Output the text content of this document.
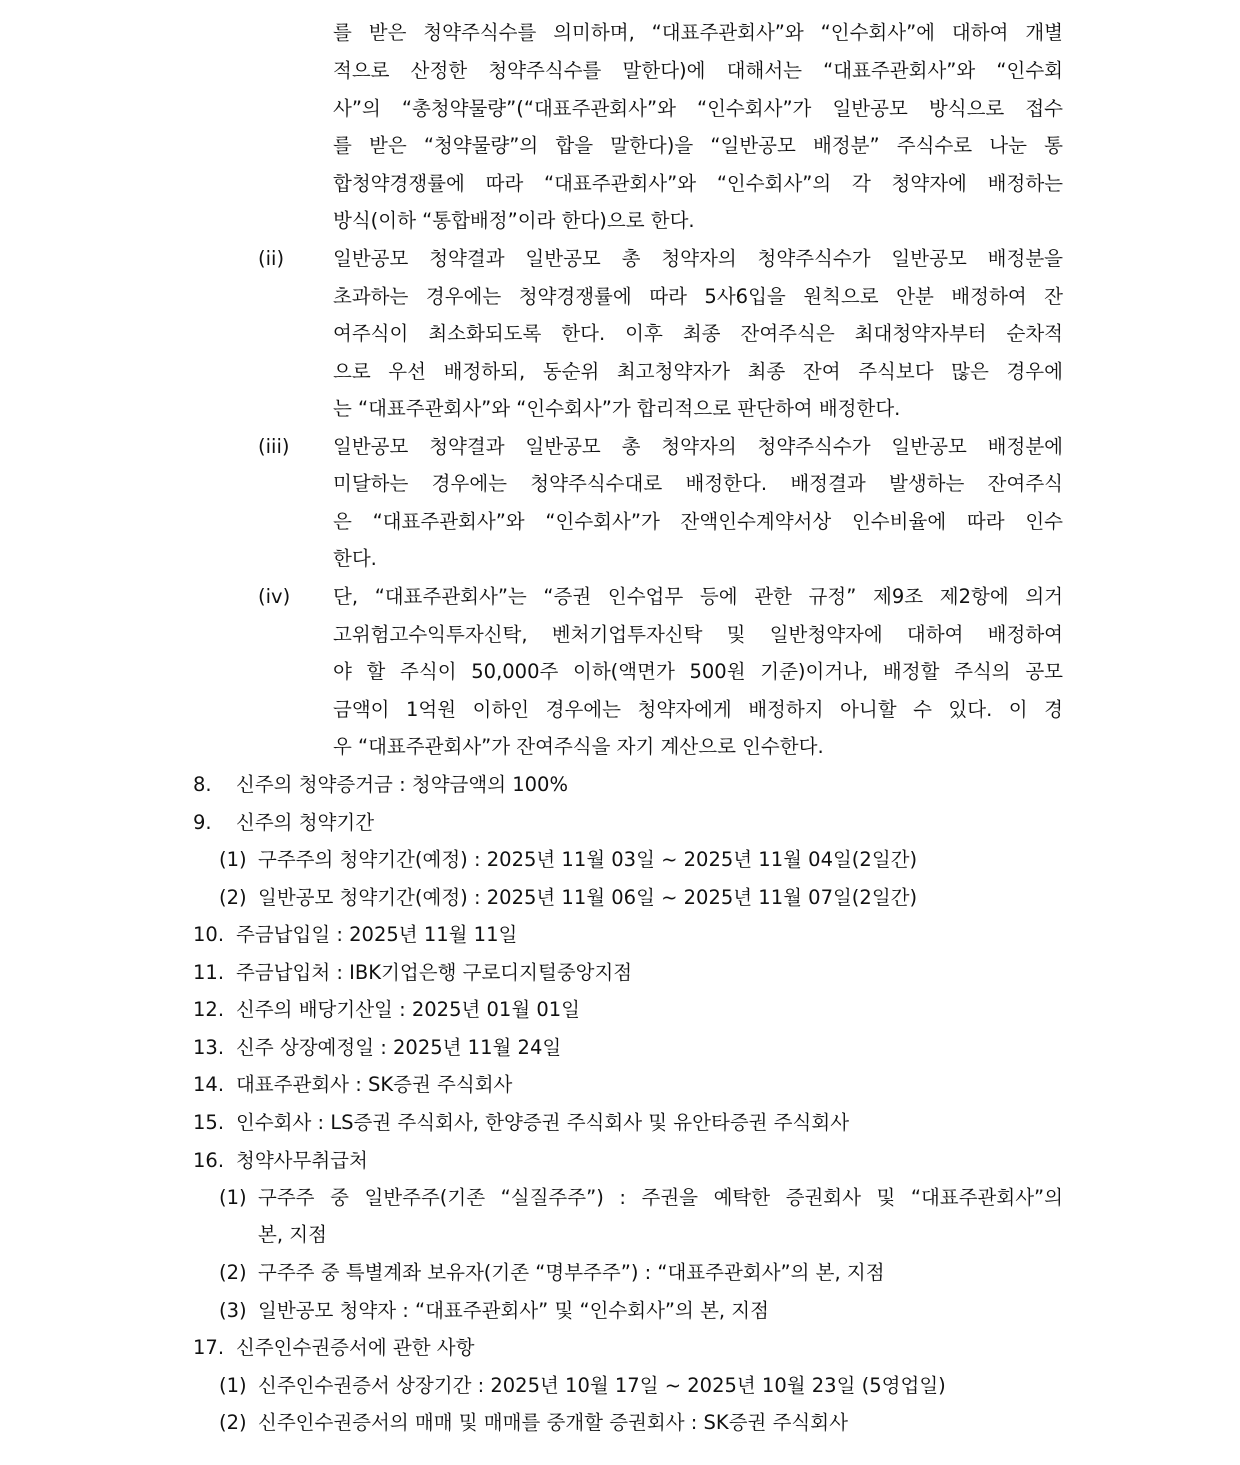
를 받은 청약주식수를 의미하며, “대표주관회사”와 “인수회사”에 대하여 개별
적으로 산정한 청약주식수를 말한다)에 대해서는 “대표주관회사”와 “인수회
사”의 “총청약물량”(“대표주관회사”와 “인수회사”가 일반공모 방식으로 접수
를 받은 “청약물량”의 합을 말한다)을 “일반공모 배정분” 주식수로 나눈 통
합청약경쟁률에 따라 “대표주관회사”와 “인수회사”의 각 청약자에 배정하는
방식(이하 “통합배정”이라 한다)으로 한다.
(ii)	일반공모 청약결과 일반공모 총 청약자의 청약주식수가 일반공모 배정분을
초과하는 경우에는 청약경쟁률에 따라 5사6입을 원칙으로 안분 배정하여 잔
여주식이 최소화되도록 한다. 이후 최종 잔여주식은 최대청약자부터 순차적
으로 우선 배정하되, 동순위 최고청약자가 최종 잔여 주식보다 많은 경우에
는 “대표주관회사”와 “인수회사”가 합리적으로 판단하여 배정한다.
(iii) 일반공모 청약결과 일반공모 총 청약자의 청약주식수가 일반공모 배정분에
미달하는 경우에는 청약주식수대로 배정한다. 배정결과 발생하는 잔여주식
은 “대표주관회사”와 “인수회사”가 잔액인수계약서상 인수비율에 따라 인수
한다.
(iv) 단, “대표주관회사”는 “증권 인수업무 등에 관한 규정” 제9조 제2항에 의거
고위험고수익투자신탁, 벤처기업투자신탁 및 일반청약자에 대하여 배정하여
야 할 주식이 50,000주 이하(액면가 500원 기준)이거나, 배정할 주식의 공모
금액이 1억원 이하인 경우에는 청약자에게 배정하지 아니할 수 있다. 이 경
우 “대표주관회사”가 잔여주식을 자기 계산으로 인수한다.
8. 신주의 청약증거금 : 청약금액의 100%
9. 신주의 청약기간
(1) 구주주의 청약기간(예정) : 2025년 11월 03일 ~ 2025년 11월 04일(2일간)
(2) 일반공모 청약기간(예정) : 2025년 11월 06일 ~ 2025년 11월 07일(2일간)
10. 주금납입일 : 2025년 11월 11일
11. 주금납입처 : IBK기업은행 구로디지털중앙지점
12. 신주의 배당기산일 : 2025년 01월 01일
13. 신주 상장예정일 : 2025년 11월 24일
14. 대표주관회사 : SK증권 주식회사
15. 인수회사 : LS증권 주식회사, 한양증권 주식회사 및 유안타증권 주식회사
16. 청약사무취급처
(1) 구주주 중 일반주주(기존 “실질주주”) : 주권을 예탁한 증권회사 및 “대표주관회사”의
본, 지점
(2) 구주주 중 특별계좌 보유자(기존 “명부주주”) : “대표주관회사”의 본, 지점
(3) 일반공모 청약자 : “대표주관회사” 및 “인수회사”의 본, 지점
17. 신주인수권증서에 관한 사항
(1) 신주인수권증서 상장기간 : 2025년 10월 17일 ~ 2025년 10월 23일 (5영업일)
(2) 신주인수권증서의 매매 및 매매를 중개할 증권회사 : SK증권 주식회사
